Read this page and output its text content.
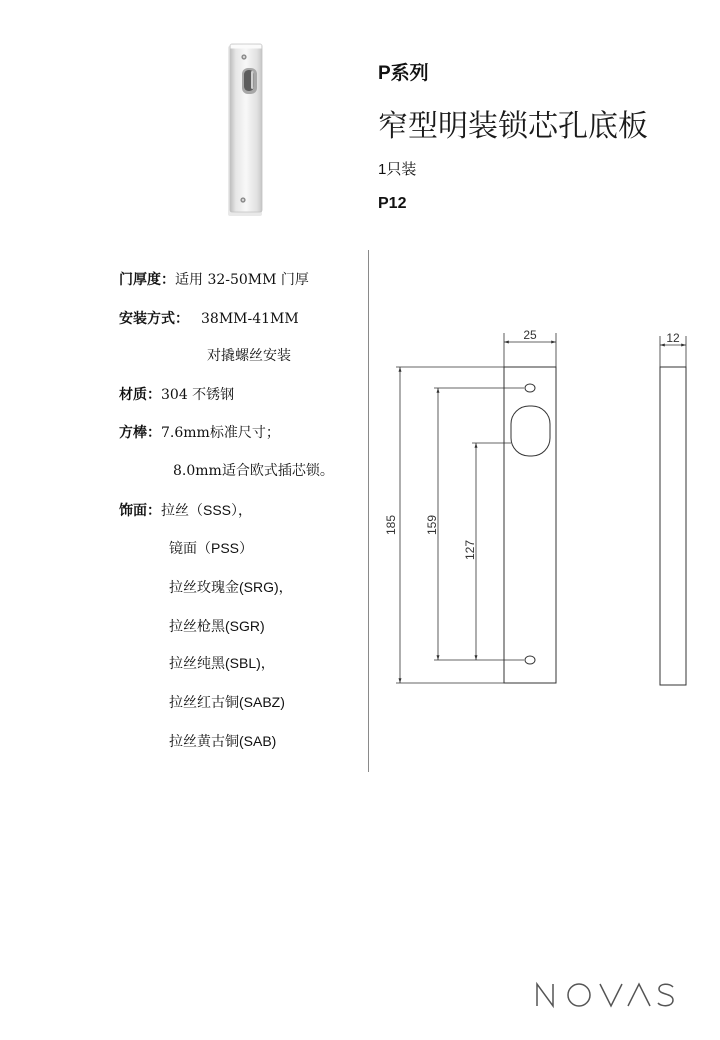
P系列
窄型明装锁芯孔底板
1只装
P12
门厚度：适用 32-50MM 门厚
安装方式： 38MM-41MM
对撬螺丝安装
材质：304 不锈钢
方棒：7.6mm标准尺寸；
8.0mm适合欧式插芯锁。
饰面：拉丝（SSS），
镜面（PSS）
拉丝玫瑰金(SRG)，
拉丝枪黑(SGR)
拉丝纯黑(SBL)，
拉丝红古铜(SABZ)
拉丝黄古铜(SAB)
25
185 159
127
12
